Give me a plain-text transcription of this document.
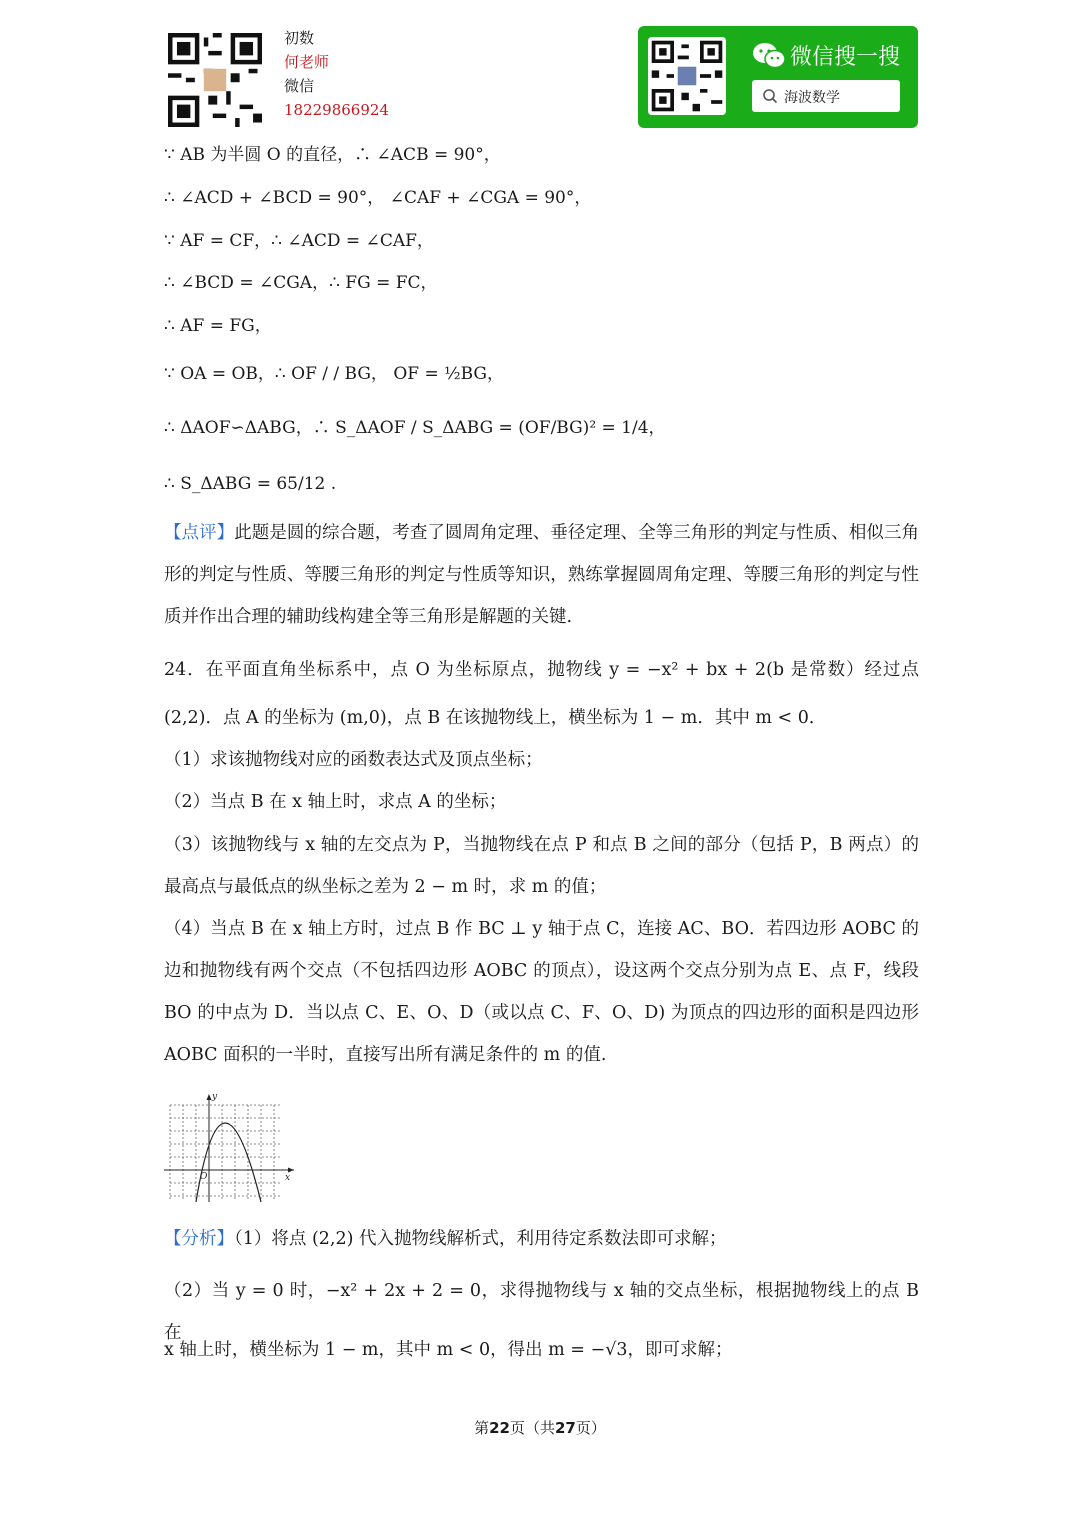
初数
何老师
微信
18229866924
微信搜一搜
海波数学
∵ AB 为半圆 O 的直径，∴ ∠ACB = 90°，
∴ ∠ACD + ∠BCD = 90°， ∠CAF + ∠CGA = 90°，
∵ AF = CF，∴ ∠ACD = ∠CAF，
∴ ∠BCD = ∠CGA，∴ FG = FC，
∴ AF = FG，
∵ OA = OB，∴ OF / / BG， OF = ½BG，
∴ ΔAOF∽ΔABG，∴ S_ΔAOF / S_ΔABG = (OF/BG)² = 1/4，
∴ S_ΔABG = 65/12 .
【点评】此题是圆的综合题，考查了圆周角定理、垂径定理、全等三角形的判定与性质、相似三角形的判定与性质、等腰三角形的判定与性质等知识，熟练掌握圆周角定理、等腰三角形的判定与性质并作出合理的辅助线构建全等三角形是解题的关键.
24．在平面直角坐标系中，点 O 为坐标原点，抛物线 y = −x² + bx + 2(b 是常数）经过点 (2,2)．点 A 的坐标为 (m,0)，点 B 在该抛物线上，横坐标为 1 − m．其中 m < 0．
（1）求该抛物线对应的函数表达式及顶点坐标；
（2）当点 B 在 x 轴上时，求点 A 的坐标；
（3）该抛物线与 x 轴的左交点为 P，当抛物线在点 P 和点 B 之间的部分（包括 P，B 两点）的最高点与最低点的纵坐标之差为 2 − m 时，求 m 的值；
（4）当点 B 在 x 轴上方时，过点 B 作 BC ⊥ y 轴于点 C，连接 AC、BO．若四边形 AOBC 的边和抛物线有两个交点（不包括四边形 AOBC 的顶点），设这两个交点分别为点 E、点 F，线段 BO 的中点为 D．当以点 C、E、O、D（或以点 C、F、O、D) 为顶点的四边形的面积是四边形 AOBC 面积的一半时，直接写出所有满足条件的 m 的值.
y
x
O
【分析】（1）将点 (2,2) 代入抛物线解析式，利用待定系数法即可求解；
（2）当 y = 0 时，−x² + 2x + 2 = 0，求得抛物线与 x 轴的交点坐标，根据抛物线上的点 B 在
x 轴上时，横坐标为 1 − m，其中 m < 0，得出 m = −√3，即可求解；
第22页（共27页）
